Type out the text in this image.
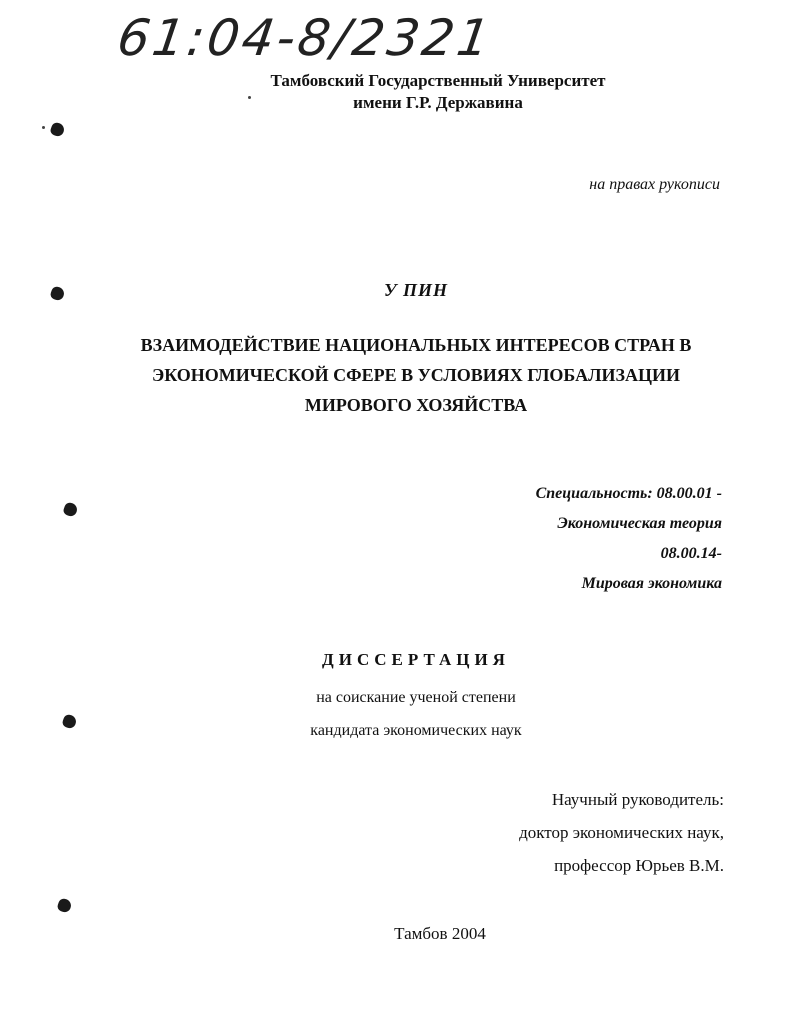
61:04-8/2321
Тамбовский Государственный Университет
имени Г.Р. Державина
на правах рукописи
У ПИН
ВЗАИМОДЕЙСТВИЕ НАЦИОНАЛЬНЫХ ИНТЕРЕСОВ СТРАН В
ЭКОНОМИЧЕСКОЙ СФЕРЕ В УСЛОВИЯХ ГЛОБАЛИЗАЦИИ
МИРОВОГО ХОЗЯЙСТВА
Специальность: 08.00.01 -
Экономическая теория
08.00.14-
Мировая экономика
ДИССЕРТАЦИЯ
на соискание ученой степени
кандидата экономических наук
Научный руководитель:
доктор экономических наук,
профессор Юрьев В.М.
Тамбов 2004
